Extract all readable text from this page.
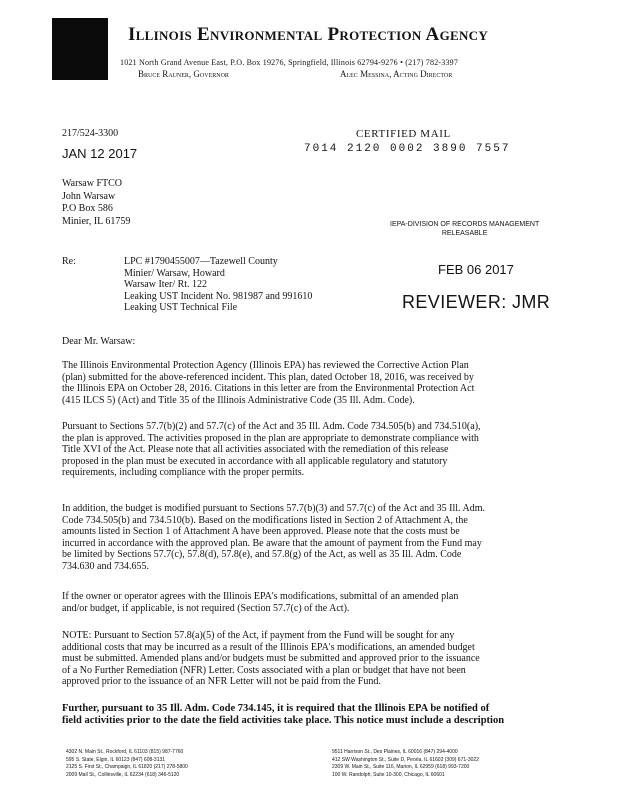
Illinois Environmental Protection Agency
1021 North Grand Avenue East, P.O. Box 19276, Springfield, Illinois 62794-9276 • (217) 782-3397
Bruce Rauner, Governor	Alec Messina, Acting Director
217/524-3300	CERTIFIED MAIL
7014 2120 0002 3890 7557
JAN 12 2017
Warsaw FTCO
John Warsaw
P.O Box 586
Minier, IL 61759	IEPA-DIVISION OF RECORDS MANAGEMENT
RELEASABLE
Re:	LPC #1790455007—Tazewell County
Minier/ Warsaw, Howard
Warsaw Iter/ Rt. 122
Leaking UST Incident No. 981987 and 991610
Leaking UST Technical File
FEB 06 2017
REVIEWER: JMR
Dear Mr. Warsaw:
The Illinois Environmental Protection Agency (Illinois EPA) has reviewed the Corrective Action Plan
(plan) submitted for the above-referenced incident. This plan, dated October 18, 2016, was received by
the Illinois EPA on October 28, 2016. Citations in this letter are from the Environmental Protection Act
(415 ILCS 5) (Act) and Title 35 of the Illinois Administrative Code (35 Ill. Adm. Code).
Pursuant to Sections 57.7(b)(2) and 57.7(c) of the Act and 35 Ill. Adm. Code 734.505(b) and 734.510(a),
the plan is approved. The activities proposed in the plan are appropriate to demonstrate compliance with
Title XVI of the Act. Please note that all activities associated with the remediation of this release
proposed in the plan must be executed in accordance with all applicable regulatory and statutory
requirements, including compliance with the proper permits.
In addition, the budget is modified pursuant to Sections 57.7(b)(3) and 57.7(c) of the Act and 35 Ill. Adm.
Code 734.505(b) and 734.510(b). Based on the modifications listed in Section 2 of Attachment A, the
amounts listed in Section 1 of Attachment A have been approved. Please note that the costs must be
incurred in accordance with the approved plan. Be aware that the amount of payment from the Fund may
be limited by Sections 57.7(c), 57.8(d), 57.8(e), and 57.8(g) of the Act, as well as 35 Ill. Adm. Code
734.630 and 734.655.
If the owner or operator agrees with the Illinois EPA's modifications, submittal of an amended plan
and/or budget, if applicable, is not required (Section 57.7(c) of the Act).
NOTE: Pursuant to Section 57.8(a)(5) of the Act, if payment from the Fund will be sought for any
additional costs that may be incurred as a result of the Illinois EPA's modifications, an amended budget
must be submitted. Amended plans and/or budgets must be submitted and approved prior to the issuance
of a No Further Remediation (NFR) Letter. Costs associated with a plan or budget that have not been
approved prior to the issuance of an NFR Letter will not be paid from the Fund.
Further, pursuant to 35 Ill. Adm. Code 734.145, it is required that the Illinois EPA be notified of
field activities prior to the date the field activities take place. This notice must include a description
4302 N. Main St., Rockford, IL 61103 (815) 987-7760
595 S. State, Elgin, IL 60123 (847) 608-3131
2125 S. First St., Champaign, IL 61820 (217) 278-5800
2009 Mall St., Collinsville, IL 62234 (618) 346-5120
9511 Harrison St., Des Plaines, IL 60016 (847) 294-4000
412 SW Washington St., Suite D, Peoria, IL 61602 (309) 671-3022
2309 W. Main St., Suite 116, Marion, IL 62959 (618) 993-7200
100 W. Randolph, Suite 10-300, Chicago, IL 60601
